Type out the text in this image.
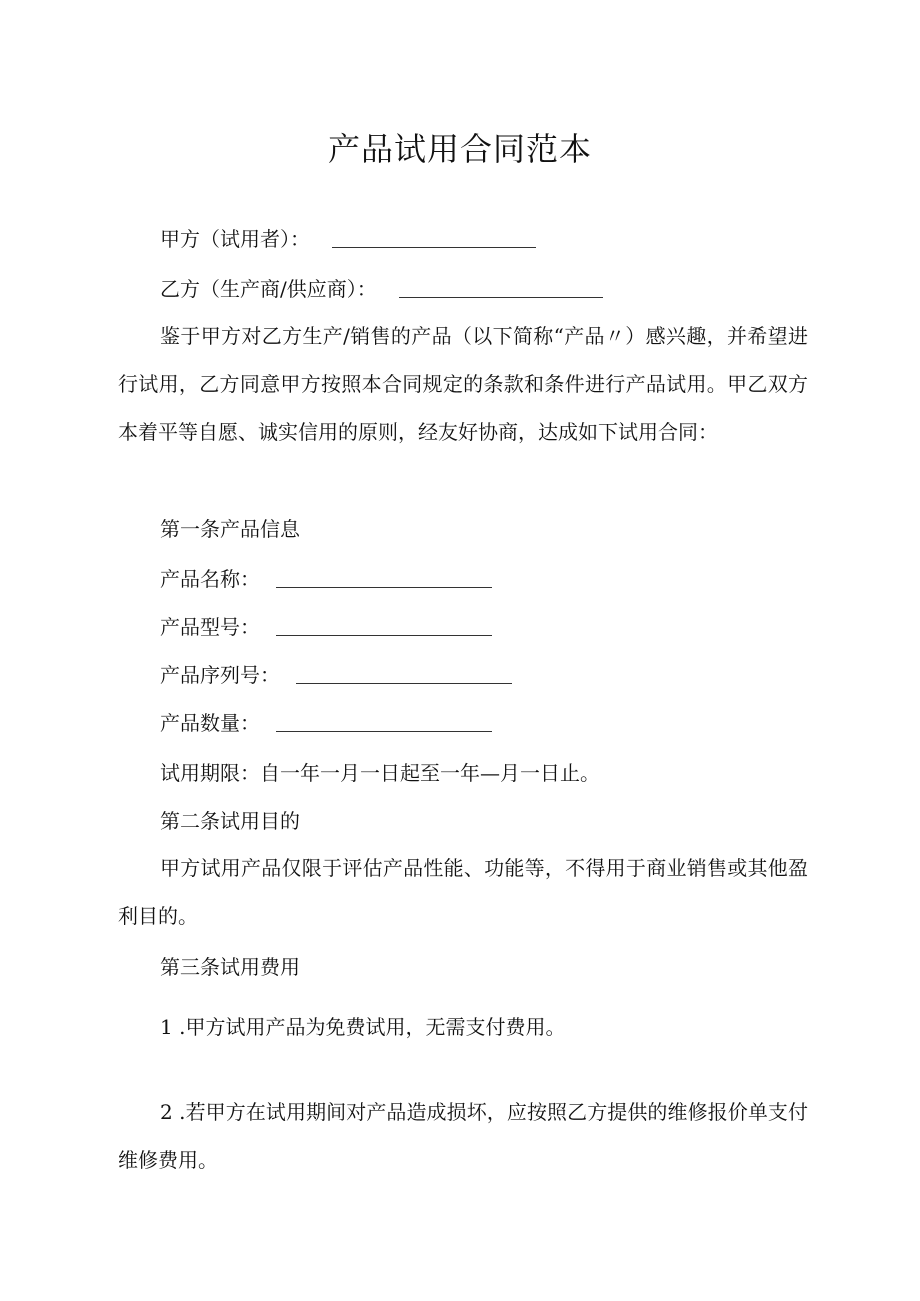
产品试用合同范本
甲方（试用者）：
乙方（生产商/供应商）：
鉴于甲方对乙方生产/销售的产品（以下简称“产品〃）感兴趣，并希望进行试用，乙方同意甲方按照本合同规定的条款和条件进行产品试用。甲乙双方本着平等自愿、诚实信用的原则，经友好协商，达成如下试用合同：
第一条产品信息
产品名称：
产品型号：
产品序列号：
产品数量：
试用期限：自一年一月一日起至一年—月一日止。
第二条试用目的
甲方试用产品仅限于评估产品性能、功能等，不得用于商业销售或其他盈利目的。
第三条试用费用
1 .甲方试用产品为免费试用，无需支付费用。
2 .若甲方在试用期间对产品造成损坏，应按照乙方提供的维修报价单支付维修费用。
